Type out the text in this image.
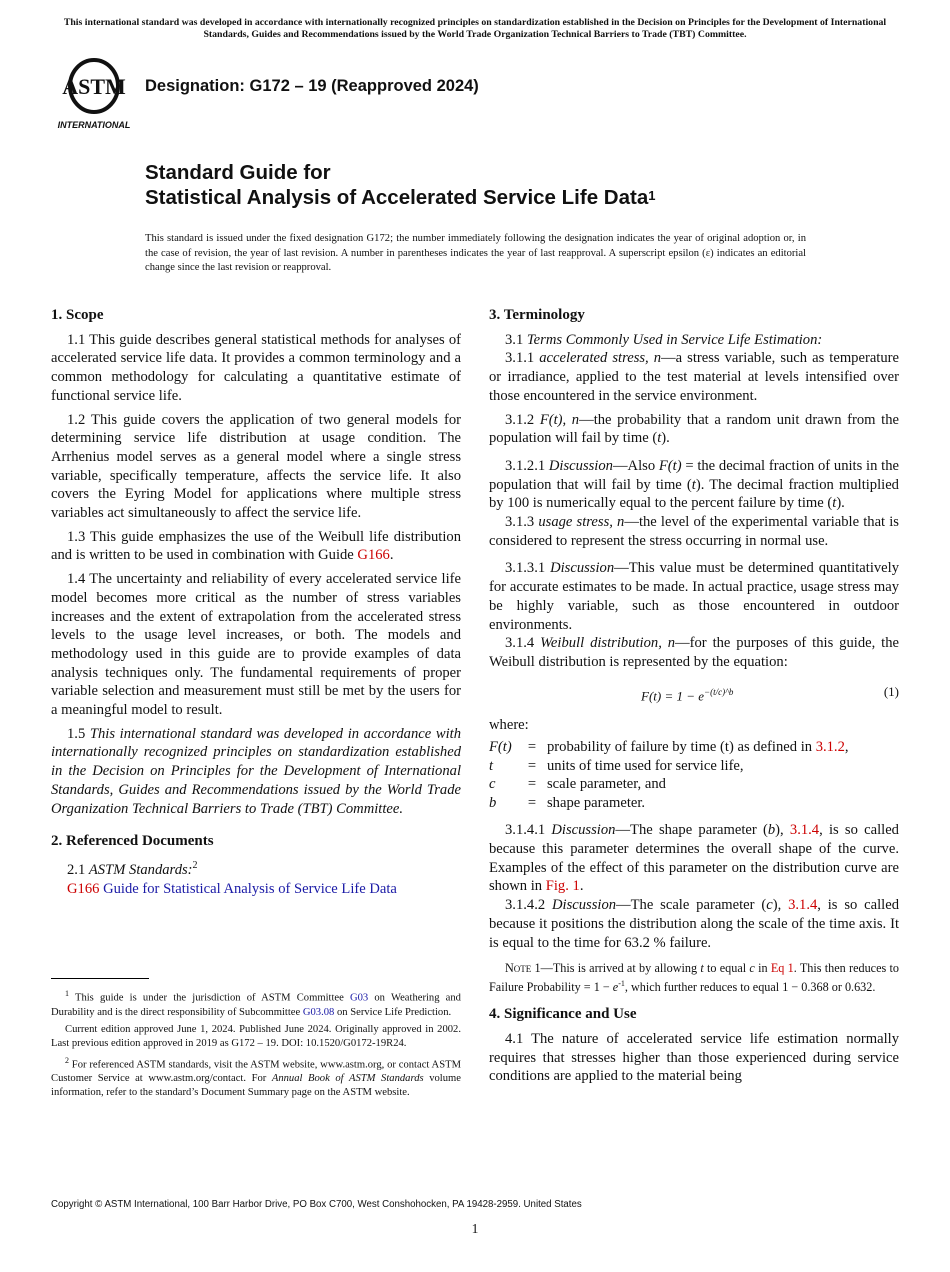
This international standard was developed in accordance with internationally recognized principles on standardization established in the Decision on Principles for the Development of International Standards, Guides and Recommendations issued by the World Trade Organization Technical Barriers to Trade (TBT) Committee.
ASTM
INTERNATIONAL
Designation: G172 – 19 (Reapproved 2024)
Standard Guide for
Statistical Analysis of Accelerated Service Life Data$^1$
This standard is issued under the fixed designation G172; the number immediately following the designation indicates the year of original adoption or, in the case of revision, the year of last revision. A number in parentheses indicates the year of last reapproval. A superscript epsilon (ε) indicates an editorial change since the last revision or reapproval.
1. Scope

1.1 This guide describes general statistical methods for analyses of accelerated service life data. It provides a common terminology and a common methodology for calculating a quantitative estimate of functional service life.

1.2 This guide covers the application of two general models for determining service life distribution at usage condition. The Arrhenius model serves as a general model where a single stress variable, specifically temperature, affects the service life. It also covers the Eyring Model for applications where multiple stress variables act simultaneously to affect the service life.

1.3 This guide emphasizes the use of the Weibull life distribution and is written to be used in combination with Guide G166.

1.4 The uncertainty and reliability of every accelerated service life model becomes more critical as the number of stress variables increases and the extent of extrapolation from the accelerated stress levels to the usage level increases, or both. The models and methodology used in this guide are to provide examples of data analysis techniques only. The fundamental requirements of proper variable selection and measurement must still be met by the users for a meaningful model to result.

1.5 This international standard was developed in accordance with internationally recognized principles on standardization established in the Decision on Principles for the Development of International Standards, Guides and Recommendations issued by the World Trade Organization Technical Barriers to Trade (TBT) Committee.

2. Referenced Documents

2.1 ASTM Standards:$^2$

G166 Guide for Statistical Analysis of Service Life Data

$^1$ This guide is under the jurisdiction of ASTM Committee G03 on Weathering and Durability and is the direct responsibility of Subcommittee G03.08 on Service Life Prediction.

Current edition approved June 1, 2024. Published June 2024. Originally approved in 2002. Last previous edition approved in 2019 as G172 – 19. DOI: 10.1520/G0172-19R24.

$^2$ For referenced ASTM standards, visit the ASTM website, www.astm.org, or contact ASTM Customer Service at www.astm.org/contact. For Annual Book of ASTM Standards volume information, refer to the standard’s Document Summary page on the ASTM website.

3. Terminology

3.1 Terms Commonly Used in Service Life Estimation:

3.1.1 accelerated stress, n—a stress variable, such as temperature or irradiance, applied to the test material at levels intensified over those encountered in the service environment.

3.1.2 F(t), n—the probability that a random unit drawn from the population will fail by time (t).

3.1.2.1 Discussion—Also F(t) = the decimal fraction of units in the population that will fail by time (t). The decimal fraction multiplied by 100 is numerically equal to the percent failure by time (t).

3.1.3 usage stress, n—the level of the experimental variable that is considered to represent the stress occurring in normal use.

3.1.3.1 Discussion—This value must be determined quantitatively for accurate estimates to be made. In actual practice, usage stress may be highly variable, such as those encountered in outdoor environments.

3.1.4 Weibull distribution, n—for the purposes of this guide, the Weibull distribution is represented by the equation:

$F(t) = 1 - e^{-(t/c)\^{}b}$	(1)
where:
F(t)	=	probability of failure by time (t) as defined in 3.1.2,
t	=	units of time used for service life,
c	=	scale parameter, and
b	=	shape parameter.

3.1.4.1 Discussion—The shape parameter (b), 3.1.4, is so called because this parameter determines the overall shape of the curve. Examples of the effect of this parameter on the distribution curve are shown in Fig. 1.

3.1.4.2 Discussion—The scale parameter (c), 3.1.4, is so called because it positions the distribution along the scale of the time axis. It is equal to the time for 63.2 % failure.

Note 1—This is arrived at by allowing t to equal c in Eq 1. This then reduces to Failure Probability = $1 - e^{-1}$, which further reduces to equal 1 − 0.368 or 0.632.
4. Significance and Use

4.1 The nature of accelerated service life estimation normally requires that stresses higher than those experienced during service conditions are applied to the material being

Copyright © ASTM International, 100 Barr Harbor Drive, PO Box C700, West Conshohocken, PA 19428-2959. United States
1
